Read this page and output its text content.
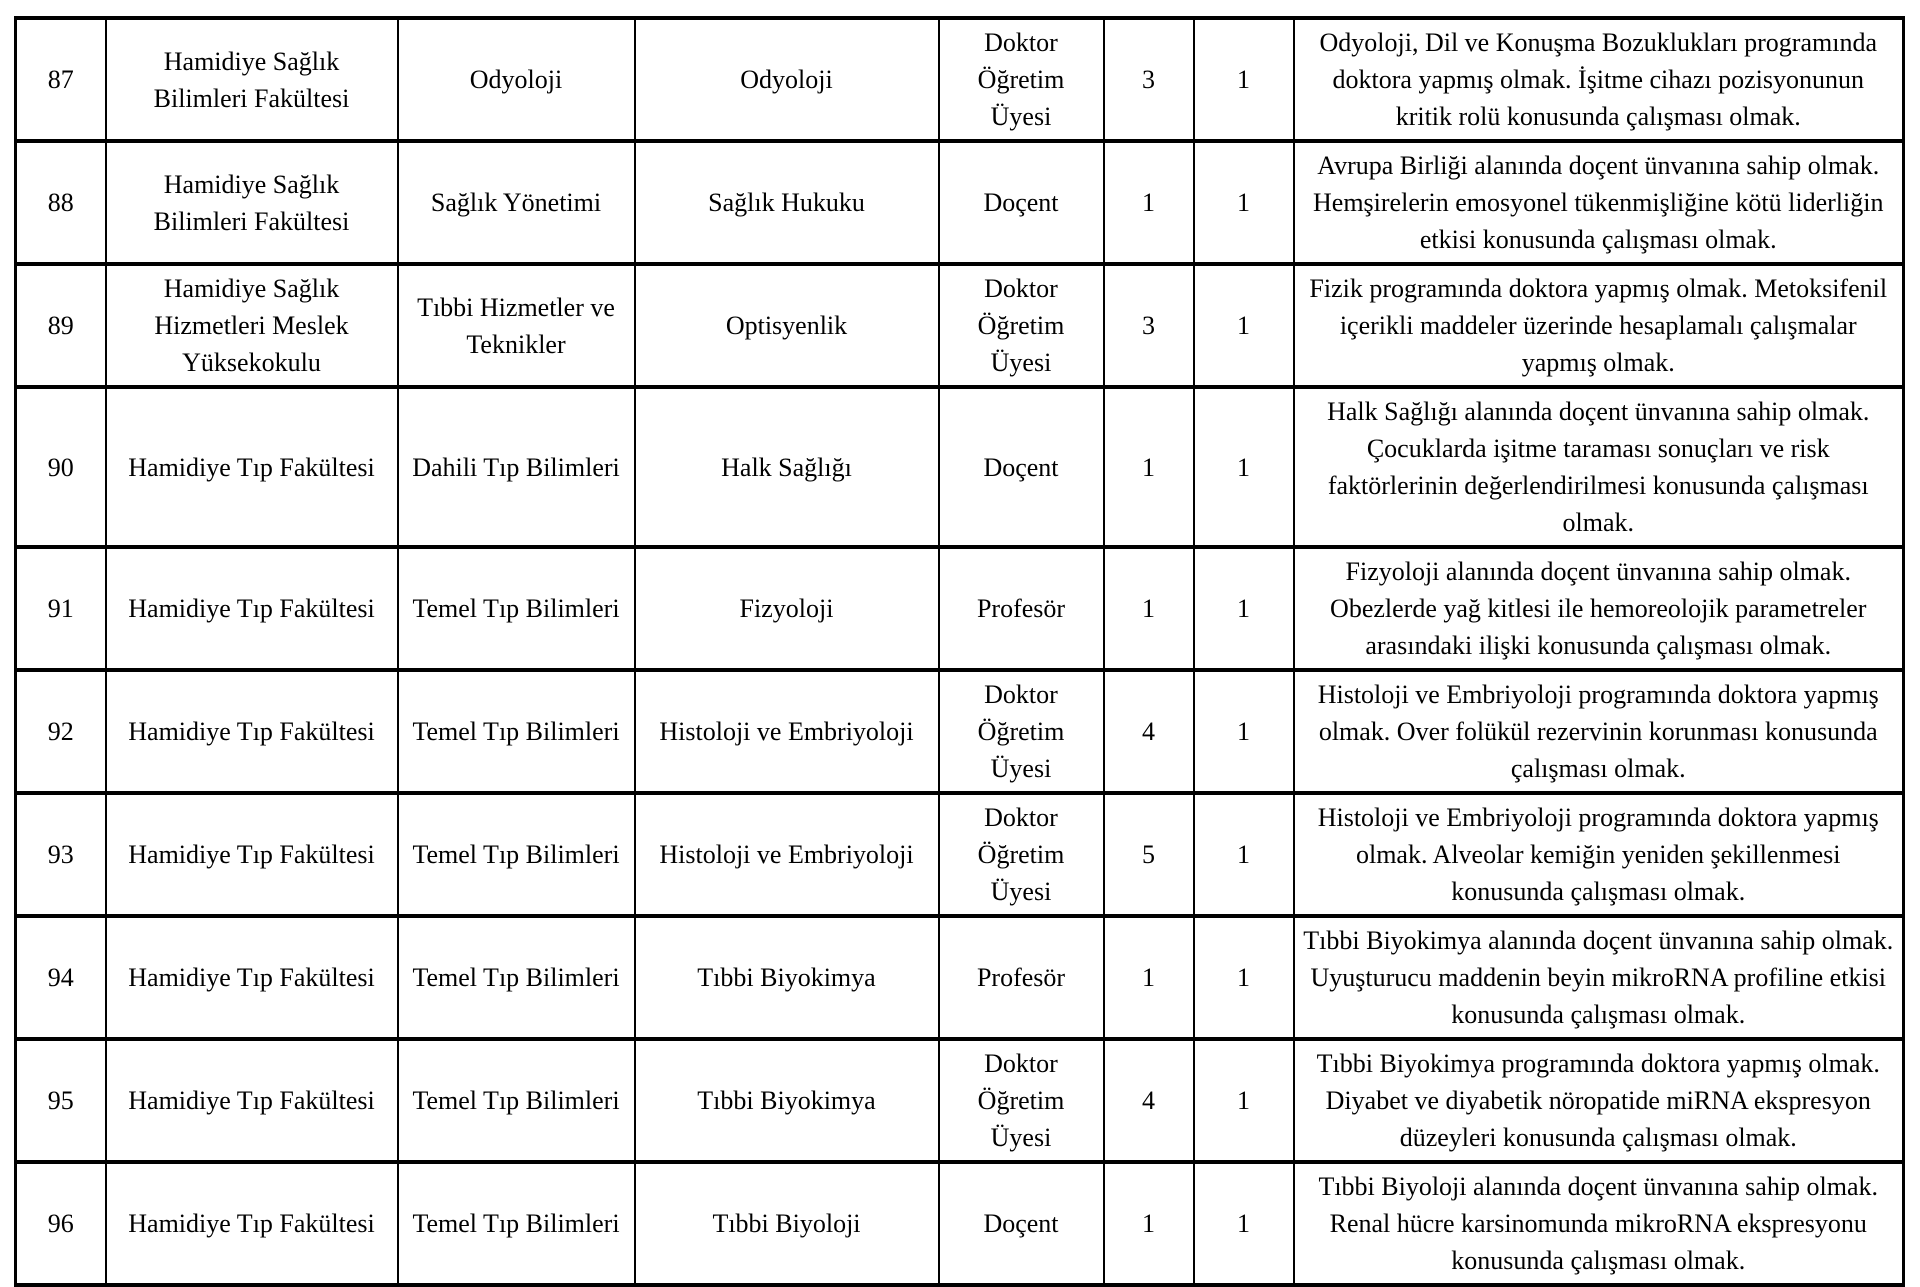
87	Hamidiye Sağlık Bilimleri Fakültesi	Odyoloji	Odyoloji	Doktor Öğretim Üyesi	3	1	Odyoloji, Dil ve Konuşma Bozuklukları programında doktora yapmış olmak. İşitme cihazı pozisyonunun kritik rolü konusunda çalışması olmak.
88	Hamidiye Sağlık Bilimleri Fakültesi	Sağlık Yönetimi	Sağlık Hukuku	Doçent	1	1	Avrupa Birliği alanında doçent ünvanına sahip olmak. Hemşirelerin emosyonel tükenmişliğine kötü liderliğin etkisi konusunda çalışması olmak.
89	Hamidiye Sağlık Hizmetleri Meslek Yüksekokulu	Tıbbi Hizmetler ve Teknikler	Optisyenlik	Doktor Öğretim Üyesi	3	1	Fizik programında doktora yapmış olmak. Metoksifenil içerikli maddeler üzerinde hesaplamalı çalışmalar yapmış olmak.
90	Hamidiye Tıp Fakültesi	Dahili Tıp Bilimleri	Halk Sağlığı	Doçent	1	1	Halk Sağlığı alanında doçent ünvanına sahip olmak. Çocuklarda işitme taraması sonuçları ve risk faktörlerinin değerlendirilmesi konusunda çalışması olmak.
91	Hamidiye Tıp Fakültesi	Temel Tıp Bilimleri	Fizyoloji	Profesör	1	1	Fizyoloji alanında doçent ünvanına sahip olmak. Obezlerde yağ kitlesi ile hemoreolojik parametreler arasındaki ilişki konusunda çalışması olmak.
92	Hamidiye Tıp Fakültesi	Temel Tıp Bilimleri	Histoloji ve Embriyoloji	Doktor Öğretim Üyesi	4	1	Histoloji ve Embriyoloji programında doktora yapmış olmak. Over folükül rezervinin korunması konusunda çalışması olmak.
93	Hamidiye Tıp Fakültesi	Temel Tıp Bilimleri	Histoloji ve Embriyoloji	Doktor Öğretim Üyesi	5	1	Histoloji ve Embriyoloji programında doktora yapmış olmak. Alveolar kemiğin yeniden şekillenmesi konusunda çalışması olmak.
94	Hamidiye Tıp Fakültesi	Temel Tıp Bilimleri	Tıbbi Biyokimya	Profesör	1	1	Tıbbi Biyokimya alanında doçent ünvanına sahip olmak. Uyuşturucu maddenin beyin mikroRNA profiline etkisi konusunda çalışması olmak.
95	Hamidiye Tıp Fakültesi	Temel Tıp Bilimleri	Tıbbi Biyokimya	Doktor Öğretim Üyesi	4	1	Tıbbi Biyokimya programında doktora yapmış olmak. Diyabet ve diyabetik nöropatide miRNA ekspresyon düzeyleri konusunda çalışması olmak.
96	Hamidiye Tıp Fakültesi	Temel Tıp Bilimleri	Tıbbi Biyoloji	Doçent	1	1	Tıbbi Biyoloji alanında doçent ünvanına sahip olmak. Renal hücre karsinomunda mikroRNA ekspresyonu konusunda çalışması olmak.
